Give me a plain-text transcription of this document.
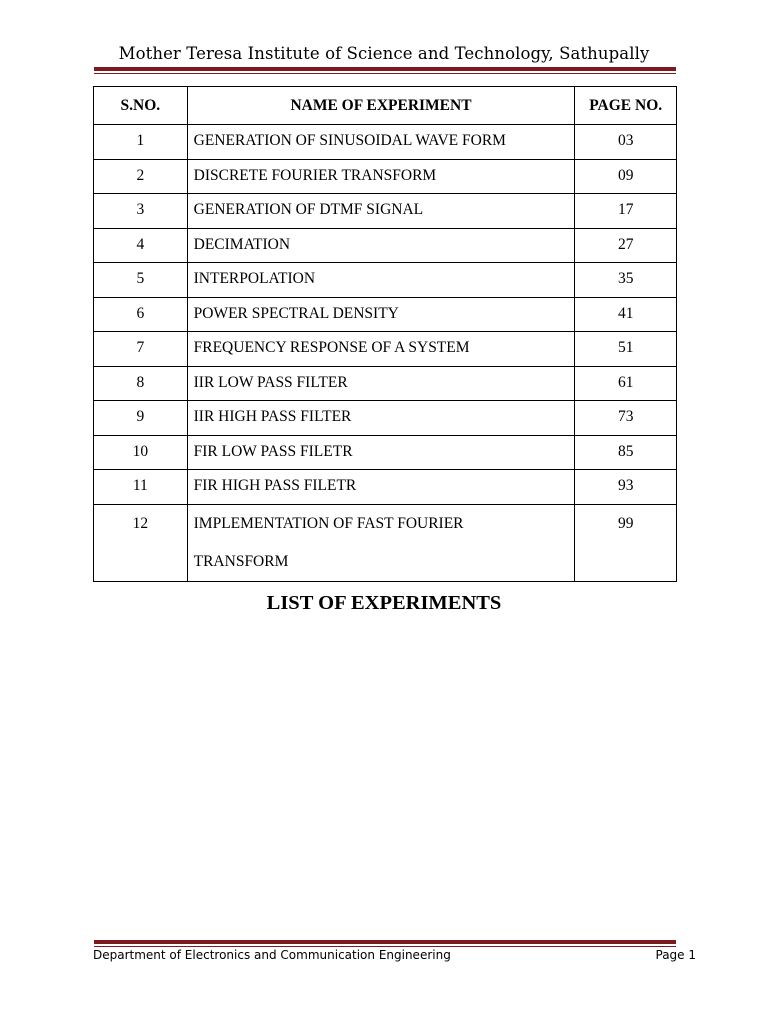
Mother Teresa Institute of Science and Technology, Sathupally
S.NO.	NAME OF EXPERIMENT	PAGE NO.
1	GENERATION OF SINUSOIDAL WAVE FORM	03
2	DISCRETE FOURIER TRANSFORM	09
3	GENERATION OF DTMF SIGNAL	17
4	DECIMATION	27
5	INTERPOLATION	35
6	POWER SPECTRAL DENSITY	41
7	FREQUENCY RESPONSE OF A SYSTEM	51
8	IIR LOW PASS FILTER	61
9	IIR HIGH PASS FILTER	73
10	FIR LOW PASS FILETR	85
11	FIR HIGH PASS FILETR	93
12	IMPLEMENTATION OF FAST FOURIER TRANSFORM	99
LIST OF EXPERIMENTS
Department of Electronics and Communication Engineering	Page 1
